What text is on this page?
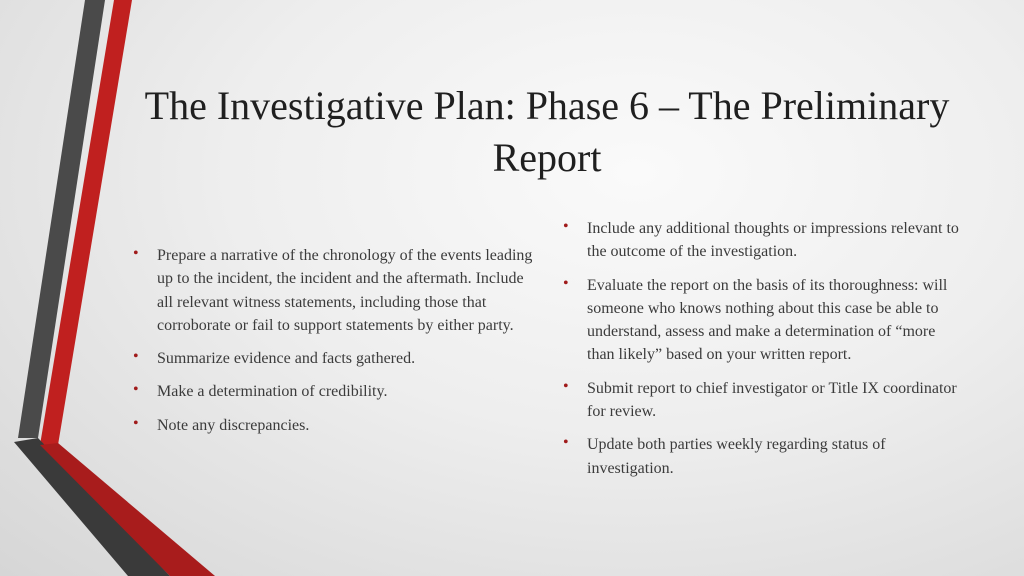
The Investigative Plan: Phase 6 – The Preliminary
Report
• Prepare a narrative of the chronology of the events leading up to the incident, the incident and the aftermath. Include all relevant witness statements, including those that corroborate or fail to support statements by either party.
• Summarize evidence and facts gathered.
• Make a determination of credibility.
• Note any discrepancies.
• Include any additional thoughts or impressions relevant to the outcome of the investigation.
• Evaluate the report on the basis of its thoroughness: will someone who knows nothing about this case be able to understand, assess and make a determination of “more than likely” based on your written report.
• Submit report to chief investigator or Title IX coordinator for review.
• Update both parties weekly regarding status of investigation.
